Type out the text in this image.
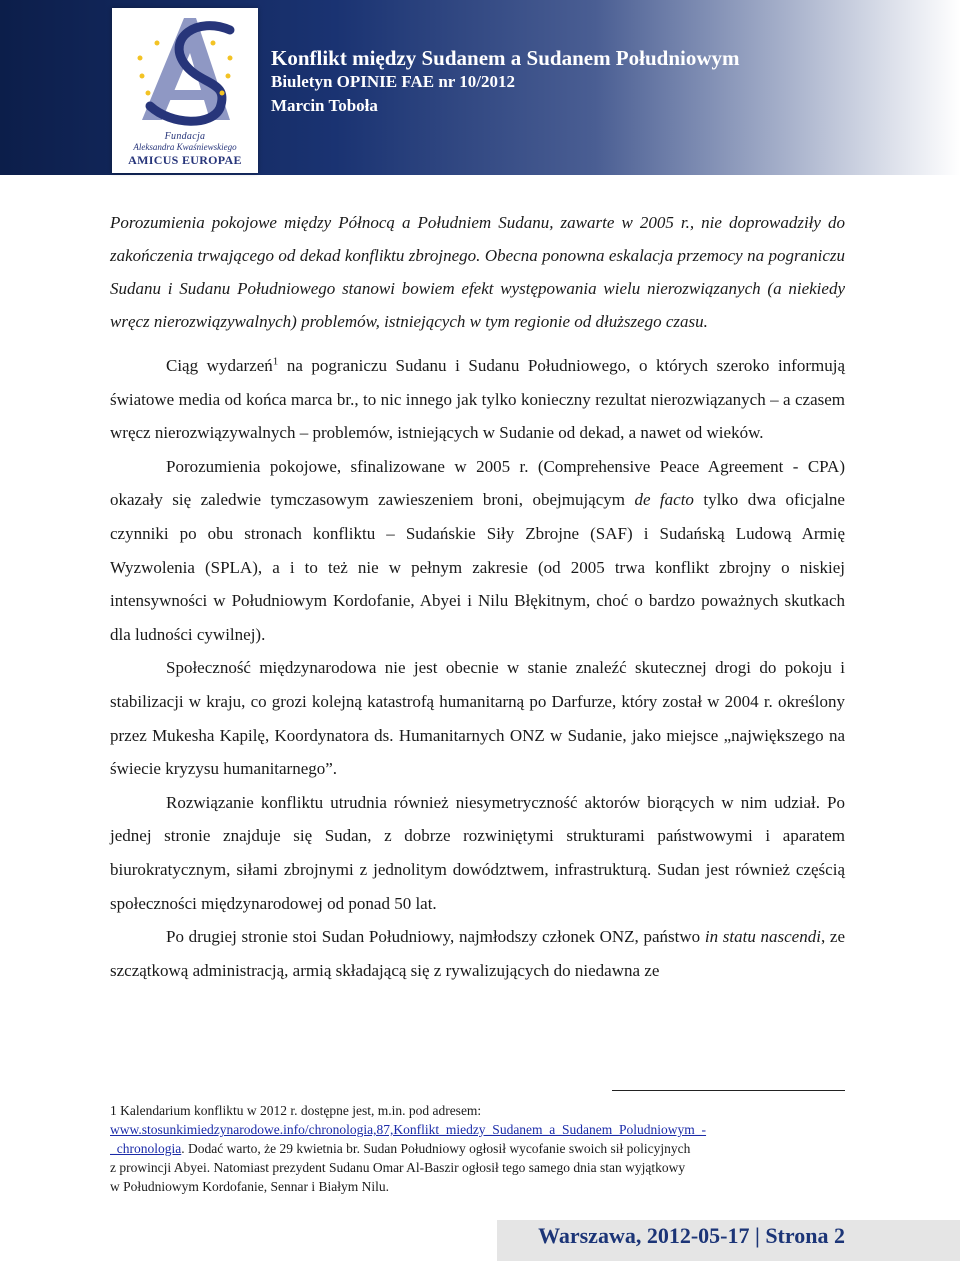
Fundacja
Aleksandra Kwaśniewskiego
AMICUS EUROPAE
Konflikt między Sudanem a Sudanem Południowym
Biuletyn OPINIE FAE nr 10/2012
Marcin Toboła

Porozumienia pokojowe między Północą a Południem Sudanu, zawarte w 2005 r., nie doprowadziły do zakończenia trwającego od dekad konfliktu zbrojnego. Obecna ponowna eskalacja przemocy na pograniczu Sudanu i Sudanu Południowego stanowi bowiem efekt występowania wielu nierozwiązanych (a niekiedy wręcz nierozwiązywalnych) problemów, istniejących w tym regionie od dłuższego czasu.

Ciąg wydarzeń$^1$ na pograniczu Sudanu i Sudanu Południowego, o których szeroko informują światowe media od końca marca br., to nic innego jak tylko konieczny rezultat nierozwiązanych – a czasem wręcz nierozwiązywalnych – problemów, istniejących w Sudanie od dekad, a nawet od wieków.

Porozumienia pokojowe, sfinalizowane w 2005 r. (Comprehensive Peace Agreement - CPA) okazały się zaledwie tymczasowym zawieszeniem broni, obejmującym de facto tylko dwa oficjalne czynniki po obu stronach konfliktu – Sudańskie Siły Zbrojne (SAF) i Sudańską Ludową Armię Wyzwolenia (SPLA), a i to też nie w pełnym zakresie (od 2005 trwa konflikt zbrojny o niskiej intensywności w Południowym Kordofanie, Abyei i Nilu Błękitnym, choć o bardzo poważnych skutkach dla ludności cywilnej).

Społeczność międzynarodowa nie jest obecnie w stanie znaleźć skutecznej drogi do pokoju i stabilizacji w kraju, co grozi kolejną katastrofą humanitarną po Darfurze, który został w 2004 r. określony przez Mukesha Kapilę, Koordynatora ds. Humanitarnych ONZ w Sudanie, jako miejsce „największego na świecie kryzysu humanitarnego”.

Rozwiązanie konfliktu utrudnia również niesymetryczność aktorów biorących w nim udział. Po jednej stronie znajduje się Sudan, z dobrze rozwiniętymi strukturami państwowymi i aparatem biurokratycznym, siłami zbrojnymi z jednolitym dowództwem, infrastrukturą. Sudan jest również częścią społeczności międzynarodowej od ponad 50 lat.

Po drugiej stronie stoi Sudan Południowy, najmłodszy członek ONZ, państwo in statu nascendi, ze szczątkową administracją, armią składającą się z rywalizujących do niedawna ze

1 Kalendarium konfliktu w 2012 r. dostępne jest, m.in. pod adresem:
www.stosunkimiedzynarodowe.info/chronologia,87,Konflikt_miedzy_Sudanem_a_Sudanem_Poludniowym_-
_chronologia. Dodać warto, że 29 kwietnia br. Sudan Południowy ogłosił wycofanie swoich sił policyjnych
z prowincji Abyei. Natomiast prezydent Sudanu Omar Al-Baszir ogłosił tego samego dnia stan wyjątkowy
w Południowym Kordofanie, Sennar i Białym Nilu.
Warszawa, 2012-05-17 | Strona 2
